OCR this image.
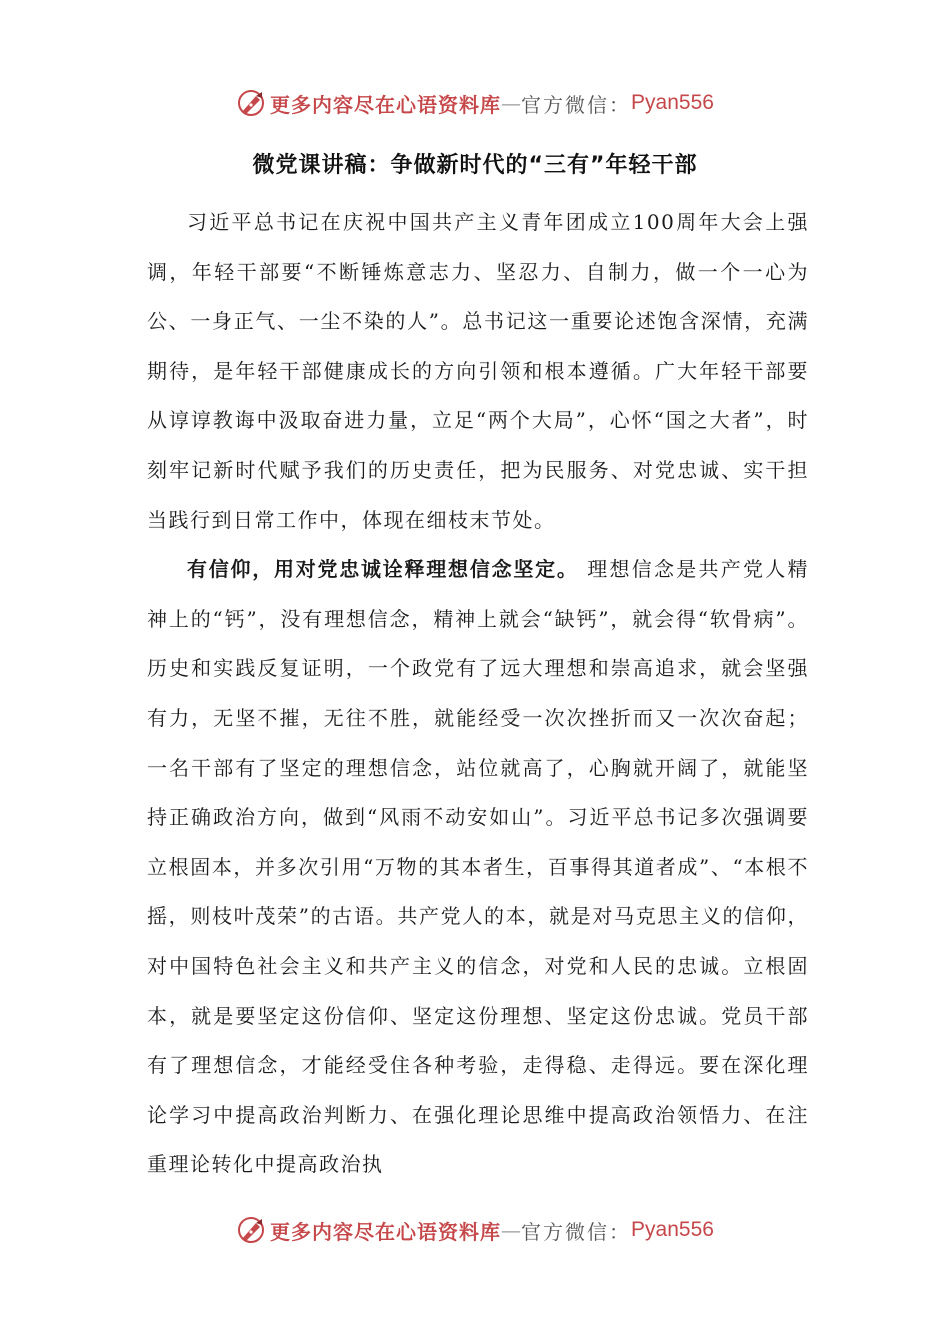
更多内容尽在心语资料库 — 官方微信： Pyan556
微党课讲稿：争做新时代的“三有”年轻干部

习近平总书记在庆祝中国共产主义青年团成立100周年大会上强调，年轻干部要“不断锤炼意志力、坚忍力、自制力，做一个一心为公、一身正气、一尘不染的人”。总书记这一重要论述饱含深情，充满期待，是年轻干部健康成长的方向引领和根本遵循。广大年轻干部要从谆谆教诲中汲取奋进力量，立足“两个大局”，心怀“国之大者”，时刻牢记新时代赋予我们的历史责任，把为民服务、对党忠诚、实干担当践行到日常工作中，体现在细枝末节处。

有信仰，用对党忠诚诠释理想信念坚定。 理想信念是共产党人精神上的“钙”，没有理想信念，精神上就会“缺钙”，就会得“软骨病”。历史和实践反复证明，一个政党有了远大理想和崇高追求，就会坚强有力，无坚不摧，无往不胜，就能经受一次次挫折而又一次次奋起；一名干部有了坚定的理想信念，站位就高了，心胸就开阔了，就能坚持正确政治方向，做到“风雨不动安如山”。习近平总书记多次强调要立根固本，并多次引用“万物的其本者生，百事得其道者成”、“本根不摇，则枝叶茂荣”的古语。共产党人的本，就是对马克思主义的信仰，对中国特色社会主义和共产主义的信念，对党和人民的忠诚。立根固本，就是要坚定这份信仰、坚定这份理想、坚定这份忠诚。党员干部有了理想信念，才能经受住各种考验，走得稳、走得远。要在深化理论学习中提高政治判断力、在强化理论思维中提高政治领悟力、在注重理论转化中提高政治执

更多内容尽在心语资料库 — 官方微信： Pyan556
